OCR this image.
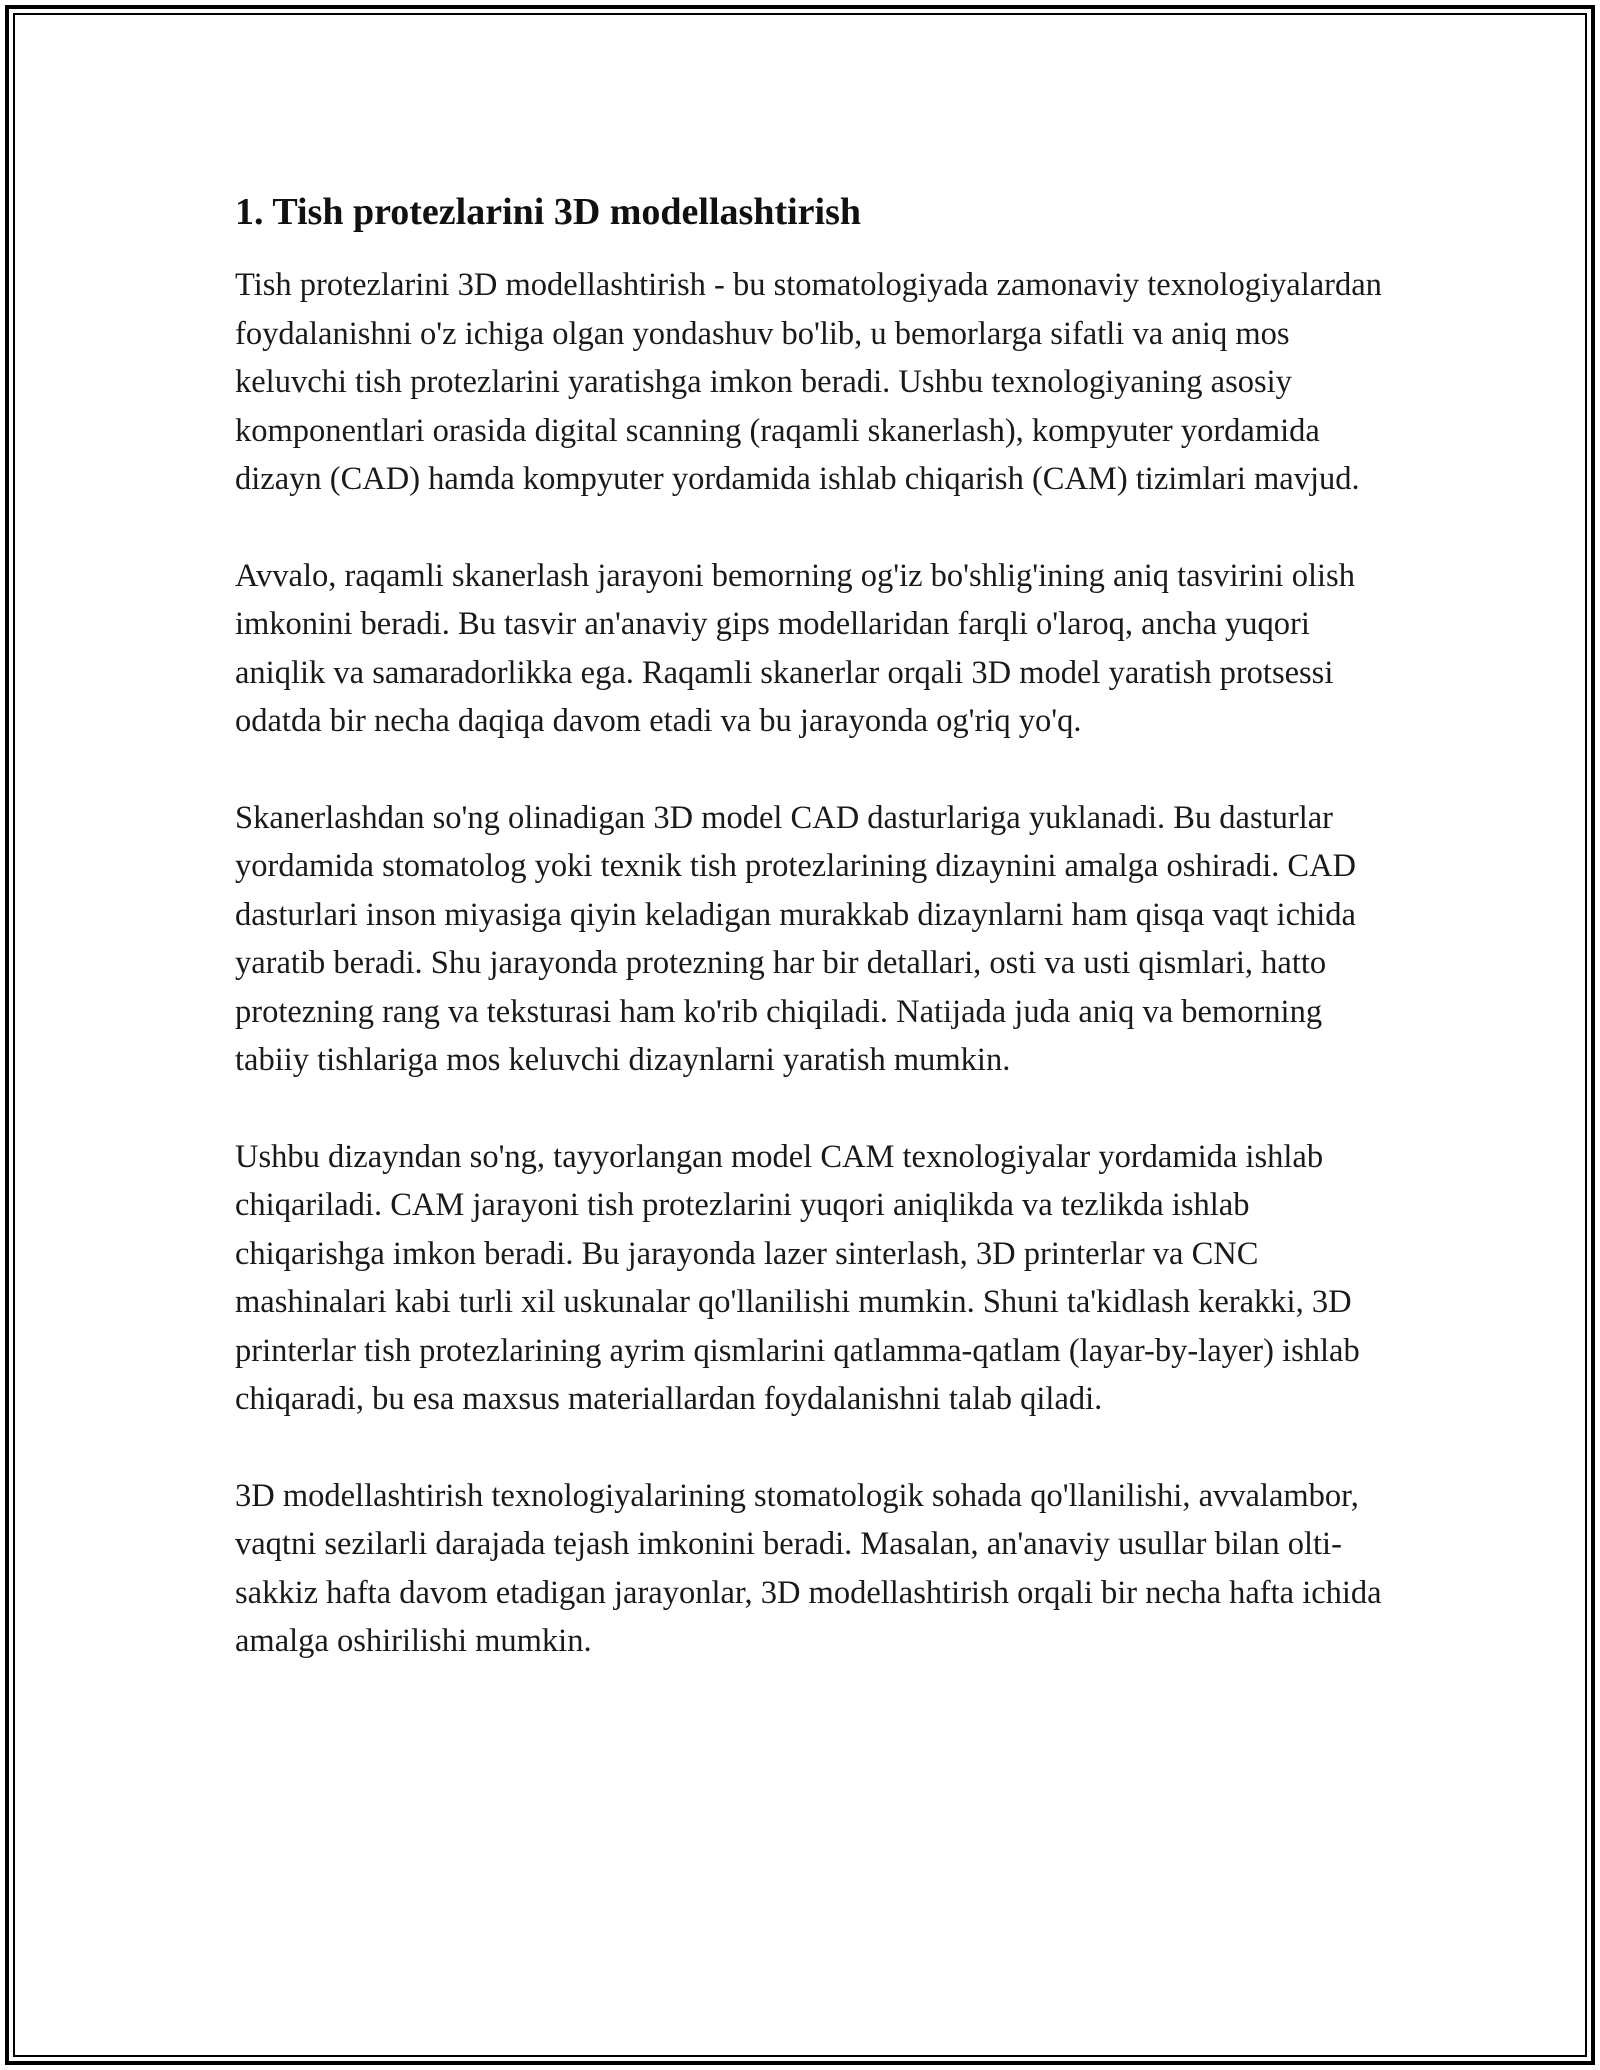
1. Tish protezlarini 3D modellashtirish

Tish protezlarini 3D modellashtirish - bu stomatologiyada zamonaviy texnologiyalardan foydalanishni o'z ichiga olgan yondashuv bo'lib, u bemorlarga sifatli va aniq mos keluvchi tish protezlarini yaratishga imkon beradi. Ushbu texnologiyaning asosiy komponentlari orasida digital scanning (raqamli skanerlash), kompyuter yordamida dizayn (CAD) hamda kompyuter yordamida ishlab chiqarish (CAM) tizimlari mavjud.

Avvalo, raqamli skanerlash jarayoni bemorning og'iz bo'shlig'ining aniq tasvirini olish imkonini beradi. Bu tasvir an'anaviy gips modellaridan farqli o'laroq, ancha yuqori aniqlik va samaradorlikka ega. Raqamli skanerlar orqali 3D model yaratish protsessi odatda bir necha daqiqa davom etadi va bu jarayonda og'riq yo'q.

Skanerlashdan so'ng olinadigan 3D model CAD dasturlariga yuklanadi. Bu dasturlar yordamida stomatolog yoki texnik tish protezlarining dizaynini amalga oshiradi. CAD dasturlari inson miyasiga qiyin keladigan murakkab dizaynlarni ham qisqa vaqt ichida yaratib beradi. Shu jarayonda protezning har bir detallari, osti va usti qismlari, hatto protezning rang va teksturasi ham ko'rib chiqiladi. Natijada juda aniq va bemorning tabiiy tishlariga mos keluvchi dizaynlarni yaratish mumkin.

Ushbu dizayndan so'ng, tayyorlangan model CAM texnologiyalar yordamida ishlab chiqariladi. CAM jarayoni tish protezlarini yuqori aniqlikda va tezlikda ishlab chiqarishga imkon beradi. Bu jarayonda lazer sinterlash, 3D printerlar va CNC mashinalari kabi turli xil uskunalar qo'llanilishi mumkin. Shuni ta'kidlash kerakki, 3D printerlar tish protezlarining ayrim qismlarini qatlamma-qatlam (layar-by-layer) ishlab chiqaradi, bu esa maxsus materiallardan foydalanishni talab qiladi.

3D modellashtirish texnologiyalarining stomatologik sohada qo'llanilishi, avvalambor, vaqtni sezilarli darajada tejash imkonini beradi. Masalan, an'anaviy usullar bilan olti-sakkiz hafta davom etadigan jarayonlar, 3D modellashtirish orqali bir necha hafta ichida amalga oshirilishi mumkin.
